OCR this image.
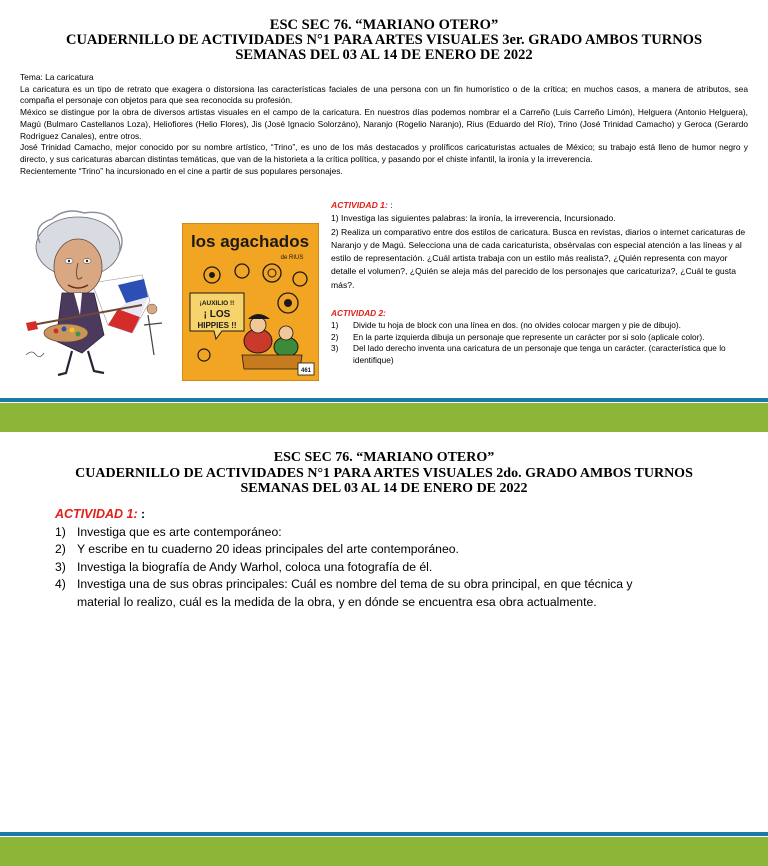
ESC SEC 76. “MARIANO OTERO”
CUADERNILLO DE ACTIVIDADES N°1 PARA ARTES VISUALES 3er. GRADO AMBOS TURNOS
SEMANAS DEL 03 AL 14 DE ENERO DE 2022

Tema: La caricatura

La caricatura es un tipo de retrato que exagera o distorsiona las características faciales de una persona con un fin humorístico o de la crítica; en muchos casos, a manera de atributos, sea compaña el personaje con objetos para que sea reconocida su profesión.

México se distingue por la obra de diversos artistas visuales en el campo de la caricatura. En nuestros días podemos nombrar el a Carreño (Luis Carreño Limón), Helguera (Antonio Helguera), Magú (Bulmaro Castellanos Loza), Heliofiores (Helio Flores), Jis (José Ignacio Solorzáno), Naranjo (Rogelio Naranjo), Rius (Eduardo del Río), Trino (José Trinidad Camacho) y Geroca (Gerardo Rodríguez Canales), entre otros.

José Trinidad Camacho, mejor conocido por su nombre artístico, “Trino”, es uno de los más destacados y prolíficos caricaturistas actuales de México; su trabajo está lleno de humor negro y directo, y sus caricaturas abarcan distintas temáticas, que van de la historieta a la crítica política, y pasando por el chiste infantil, la ironía y la irreverencia.

Recientemente “Trino” ha incursionado en el cine a partir de sus populares personajes.

los agachados
de RIUS
¡AUXILIO !!
¡ LOS
HIPPIES !!
461

ACTIVIDAD 1: :

1) Investiga las siguientes palabras: la ironía, la irreverencia, Incursionado.

2) Realiza un comparativo entre dos estilos de caricatura. Busca en revistas, diarios o internet caricaturas de Naranjo y de Magú. Selecciona una de cada caricaturista, obsérvalas con especial atención a las líneas y al estilo de representación. ¿Cuál artista trabaja con un estilo más realista?, ¿Quién representa con mayor detalle el volumen?, ¿Quién se aleja más del parecido de los personajes que caricaturiza?, ¿Cuál te gusta más?.

ACTIVIDAD 2:
1)	Divide tu hoja de block con una línea en dos. (no olvides colocar margen y pie de dibujo).
2)	En la parte izquierda dibuja un personaje que represente un carácter por si solo (aplicale color).
3)	Del lado derecho inventa una caricatura de un personaje que tenga un carácter. (característica que lo identifique)
ESC SEC 76. “MARIANO OTERO”
CUADERNILLO DE ACTIVIDADES N°1 PARA ARTES VISUALES 2do. GRADO AMBOS TURNOS
SEMANAS DEL 03 AL 14 DE ENERO DE 2022
ACTIVIDAD 1: :
1) Investiga que es arte contemporáneo:
2) Y escribe en tu cuaderno 20 ideas principales del arte contemporáneo.
3) Investiga la biografía de Andy Warhol, coloca una fotografía de él.
4) Investiga una de sus obras principales: Cuál es nombre del tema de su obra principal, en que técnica y material lo realizo, cuál es la medida de la obra, y en dónde se encuentra esa obra actualmente.
